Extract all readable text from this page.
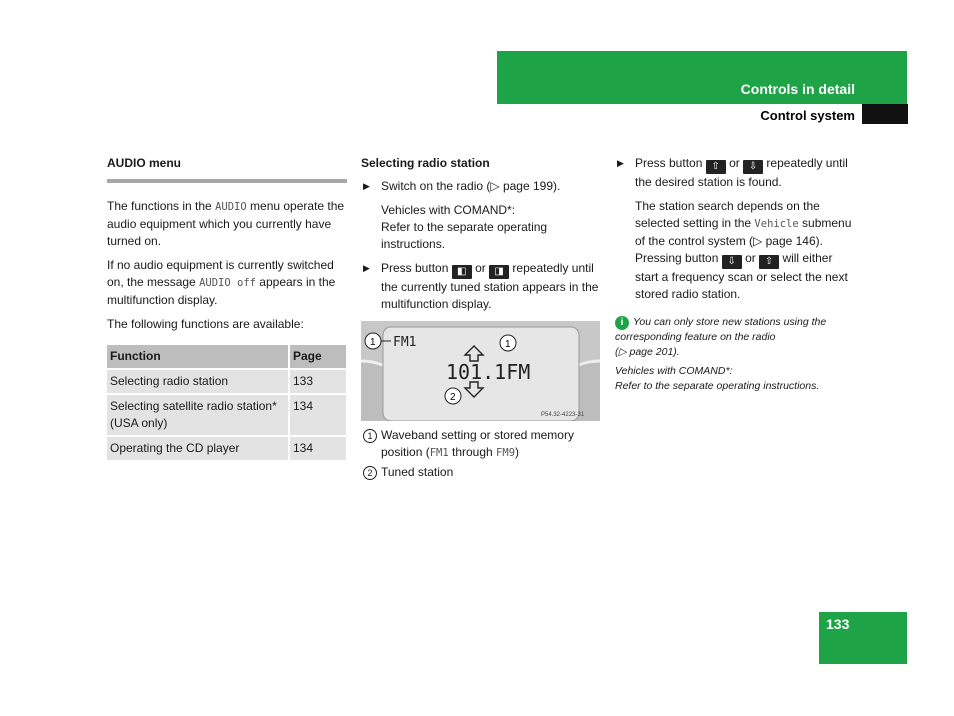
Controls in detail
Control system
AUDIO menu

The functions in the AUDIO menu operate the audio equipment which you currently have turned on.

If no audio equipment is currently switched on, the message AUDIO off appears in the multifunction display.

The following functions are available:

Function	Page
Selecting radio station	133
Selecting satellite radio station* (USA only)	134
Operating the CD player	134
Selecting radio station
▶ Switch on the radio (▷ page 199).
Vehicles with COMAND*:
Refer to the separate operating instructions.
▶ Press button ◧ or ◨ repeatedly until the currently tuned station appears in the multifunction display.
1 FM1	1
101.1FM
2
P54.32-4223-31
1 Waveband setting or stored memory position (FM1 through FM9)
2 Tuned station
▶ Press button ⇧ or ⇩ repeatedly until the desired station is found.
The station search depends on the selected setting in the Vehicle submenu of the control system (▷ page 146).
Pressing button ⇩ or ⇧ will either start a frequency scan or select the next stored radio station.
i You can only store new stations using the corresponding feature on the radio
(▷ page 201).
Vehicles with COMAND*:
Refer to the separate operating instructions.
133
